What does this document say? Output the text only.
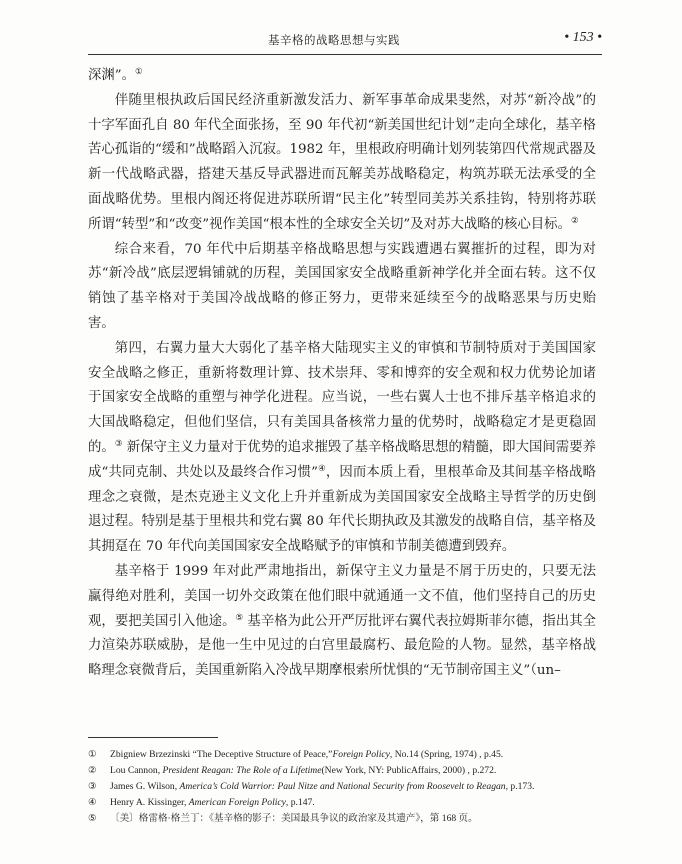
基辛格的战略思想与实践	• 153 •

深渊”。①

伴随里根执政后国民经济重新激发活力、新军事革命成果斐然，对苏“新冷战”的十字军面孔自 80 年代全面张扬，至 90 年代初“新美国世纪计划”走向全球化，基辛格苦心孤诣的“缓和”战略蹈入沉寂。1982 年，里根政府明确计划列装第四代常规武器及新一代战略武器，搭建天基反导武器进而瓦解美苏战略稳定，构筑苏联无法承受的全面战略优势。里根内阁还将促进苏联所谓“民主化”转型同美苏关系挂钩，特别将苏联所谓“转型”和“改变”视作美国“根本性的全球安全关切”及对苏大战略的核心目标。②

综合来看，70 年代中后期基辛格战略思想与实践遭遇右翼摧折的过程，即为对苏“新冷战”底层逻辑铺就的历程，美国国家安全战略重新神学化并全面右转。这不仅销蚀了基辛格对于美国冷战战略的修正努力，更带来延续至今的战略恶果与历史贻害。

第四，右翼力量大大弱化了基辛格大陆现实主义的审慎和节制特质对于美国国家安全战略之修正，重新将数理计算、技术崇拜、零和博弈的安全观和权力优势论加诸于国家安全战略的重塑与神学化进程。应当说，一些右翼人士也不排斥基辛格追求的大国战略稳定，但他们坚信，只有美国具备核常力量的优势时，战略稳定才是更稳固的。③ 新保守主义力量对于优势的追求摧毁了基辛格战略思想的精髓，即大国间需要养成“共同克制、共处以及最终合作习惯”④，因而本质上看，里根革命及其间基辛格战略理念之衰微，是杰克逊主义文化上升并重新成为美国国家安全战略主导哲学的历史倒退过程。特别是基于里根共和党右翼 80 年代长期执政及其激发的战略自信，基辛格及其拥趸在 70 年代向美国国家安全战略赋予的审慎和节制美德遭到毁弃。

基辛格于 1999 年对此严肃地指出，新保守主义力量是不屑于历史的，只要无法赢得绝对胜利，美国一切外交政策在他们眼中就通通一文不值，他们坚持自己的历史观，要把美国引入他途。⑤ 基辛格为此公开严厉批评右翼代表拉姆斯菲尔德，指出其全力渲染苏联威胁，是他一生中见过的白宫里最腐朽、最危险的人物。显然，基辛格战略理念衰微背后，美国重新陷入冷战早期摩根索所忧惧的“无节制帝国主义”（un–

① Zbigniew Brzezinski “The Deceptive Structure of Peace,”Foreign Policy, No.14 (Spring, 1974) , p.45.
② Lou Cannon, President Reagan: The Role of a Lifetime(New York, NY: PublicAffairs, 2000) , p.272.
③ James G. Wilson, America’s Cold Warrior: Paul Nitze and National Security from Roosevelt to Reagan, p.173.
④ Henry A. Kissinger, American Foreign Policy, p.147.
⑤ 〔美〕格雷格·格兰丁：《基辛格的影子：美国最具争议的政治家及其遗产》，第 168 页。
